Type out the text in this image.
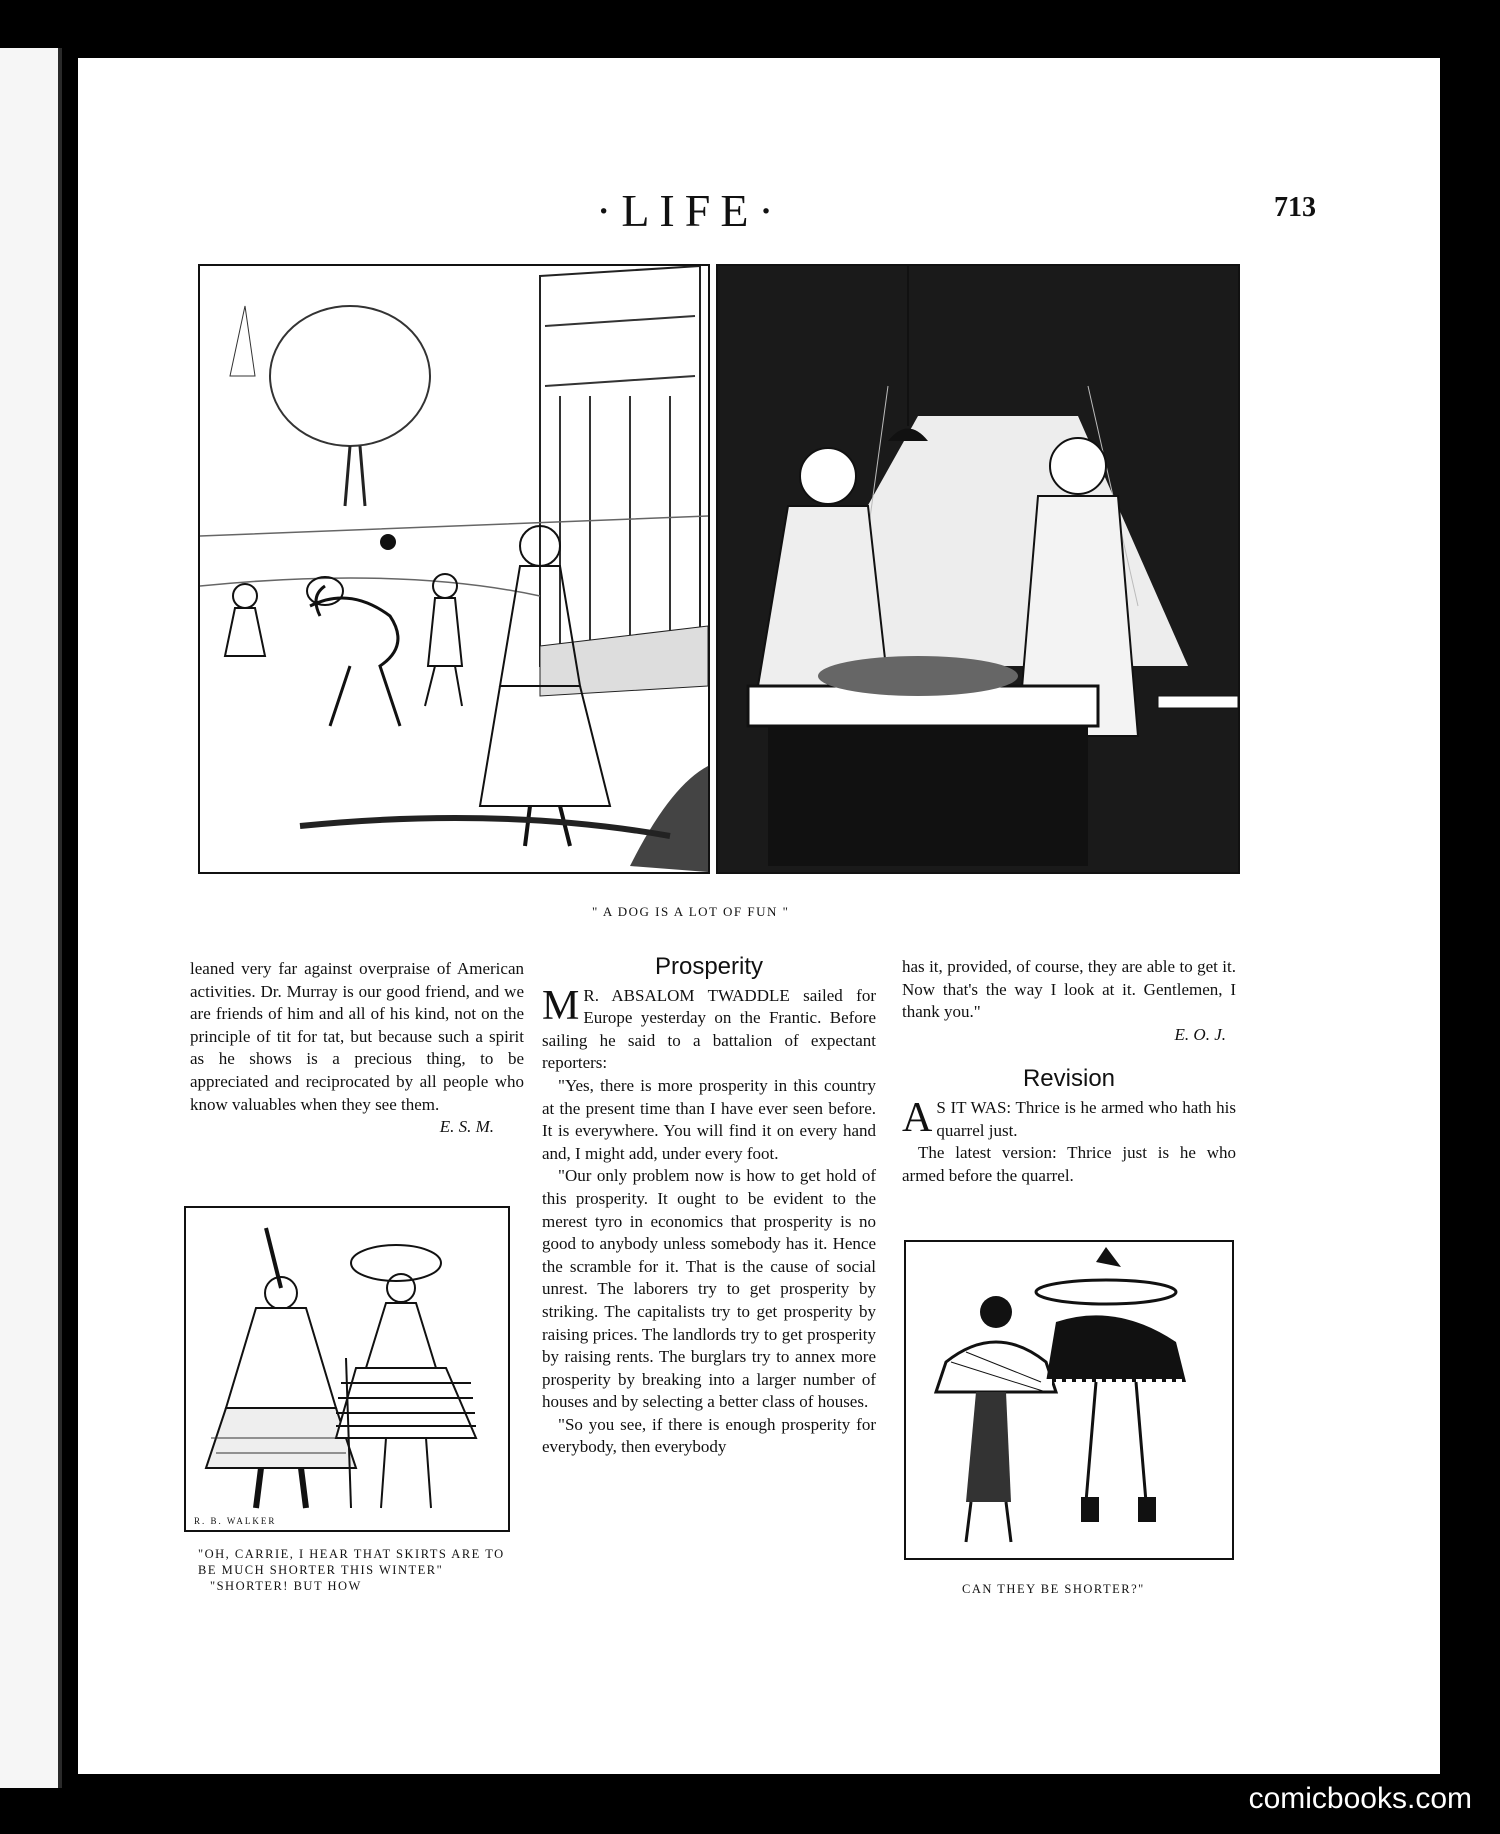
·LIFE·	713
" A DOG IS A LOT OF FUN "

leaned very far against overpraise of American activities. Dr. Murray is our good friend, and we are friends of him and all of his kind, not on the principle of tit for tat, but because such a spirit as he shows is a precious thing, to be appreciated and reciprocated by all people who know valuables when they see them.

E. S. M.
R. B. WALKER
"OH, CARRIE, I HEAR THAT SKIRTS ARE TO BE MUCH SHORTER THIS WINTER"
"SHORTER! BUT HOW
Prosperity

M R. ABSALOM TWADDLE sailed for Europe yesterday on the Frantic. Before sailing he said to a battalion of expectant reporters:

"Yes, there is more prosperity in this country at the present time than I have ever seen before. It is everywhere. You will find it on every hand and, I might add, under every foot.

"Our only problem now is how to get hold of this prosperity. It ought to be evident to the merest tyro in economics that prosperity is no good to anybody unless somebody has it. Hence the scramble for it. That is the cause of social unrest. The laborers try to get prosperity by striking. The capitalists try to get prosperity by raising prices. The landlords try to get prosperity by raising rents. The burglars try to annex more prosperity by breaking into a larger number of houses and by selecting a better class of houses.

"So you see, if there is enough prosperity for everybody, then everybody

has it, provided, of course, they are able to get it. Now that's the way I look at it. Gentlemen, I thank you."

E. O. J.
Revision

A S IT WAS: Thrice is he armed who hath his quarrel just.

The latest version: Thrice just is he who armed before the quarrel.

CAN THEY BE SHORTER?"
comicbooks.com
